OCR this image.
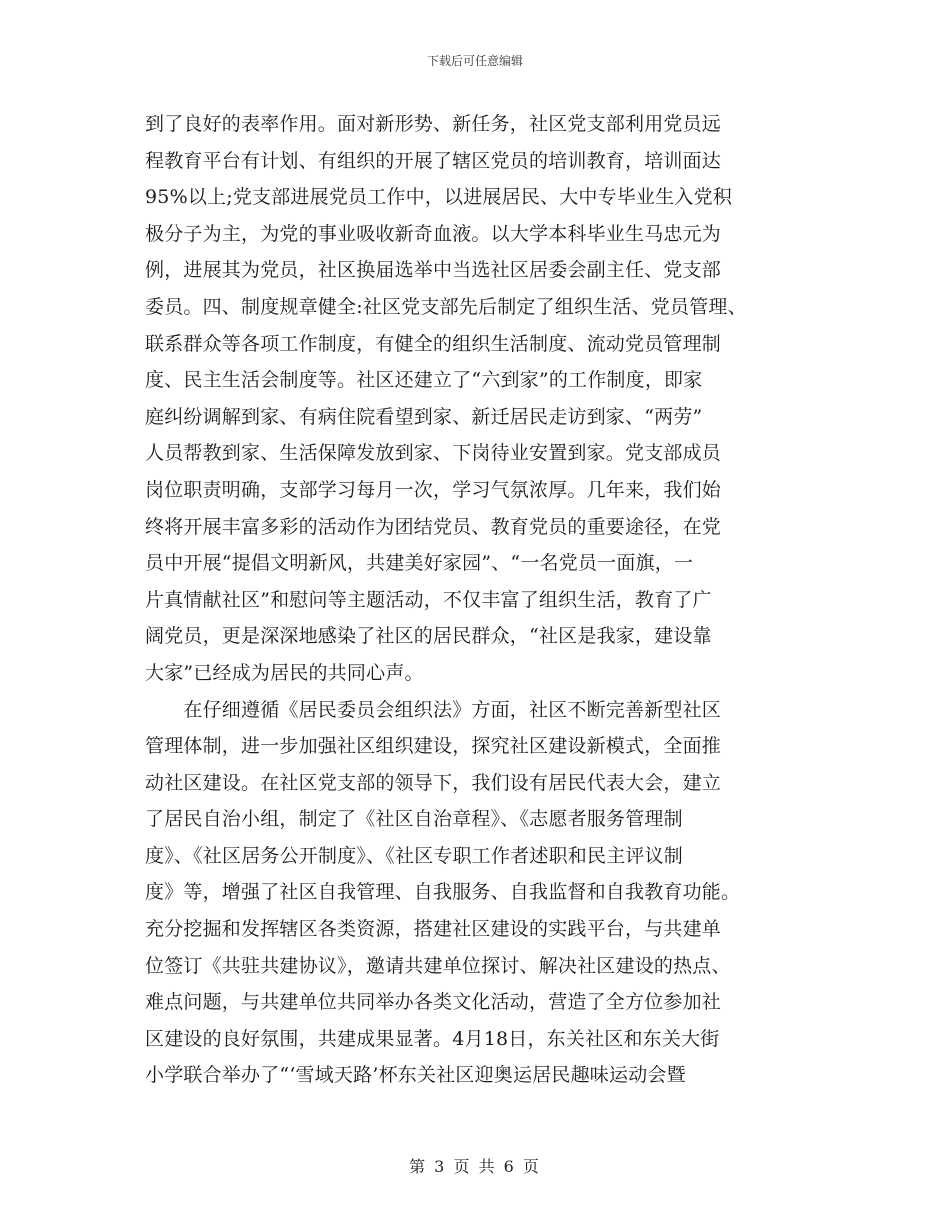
下载后可任意编辑
到了良好的表率作用。面对新形势、新任务，社区党支部利用党员远
程教育平台有计划、有组织的开展了辖区党员的培训教育，培训面达
95%以上;党支部进展党员工作中，以进展居民、大中专毕业生入党积
极分子为主，为党的事业吸收新奇血液。以大学本科毕业生马忠元为
例，进展其为党员，社区换届选举中当选社区居委会副主任、党支部
委员。四、制度规章健全:社区党支部先后制定了组织生活、党员管理、
联系群众等各项工作制度，有健全的组织生活制度、流动党员管理制
度、民主生活会制度等。社区还建立了“六到家”的工作制度，即家
庭纠纷调解到家、有病住院看望到家、新迁居民走访到家、“两劳”
人员帮教到家、生活保障发放到家、下岗待业安置到家。党支部成员
岗位职责明确，支部学习每月一次，学习气氛浓厚。几年来，我们始
终将开展丰富多彩的活动作为团结党员、教育党员的重要途径，在党
员中开展“提倡文明新风，共建美好家园”、“一名党员一面旗，一
片真情献社区”和慰问等主题活动，不仅丰富了组织生活，教育了广
阔党员，更是深深地感染了社区的居民群众，“社区是我家，建设靠
大家”已经成为居民的共同心声。
　　在仔细遵循《居民委员会组织法》方面，社区不断完善新型社区
管理体制，进一步加强社区组织建设，探究社区建设新模式，全面推
动社区建设。在社区党支部的领导下，我们设有居民代表大会，建立
了居民自治小组，制定了《社区自治章程》、《志愿者服务管理制
度》、《社区居务公开制度》、《社区专职工作者述职和民主评议制
度》等，增强了社区自我管理、自我服务、自我监督和自我教育功能。
充分挖掘和发挥辖区各类资源，搭建社区建设的实践平台，与共建单
位签订《共驻共建协议》，邀请共建单位探讨、解决社区建设的热点、
难点问题，与共建单位共同举办各类文化活动，营造了全方位参加社
区建设的良好氛围，共建成果显著。4月18日，东关社区和东关大街
小学联合举办了“‘雪域天路’杯东关社区迎奥运居民趣味运动会暨
第 3 页 共 6 页
